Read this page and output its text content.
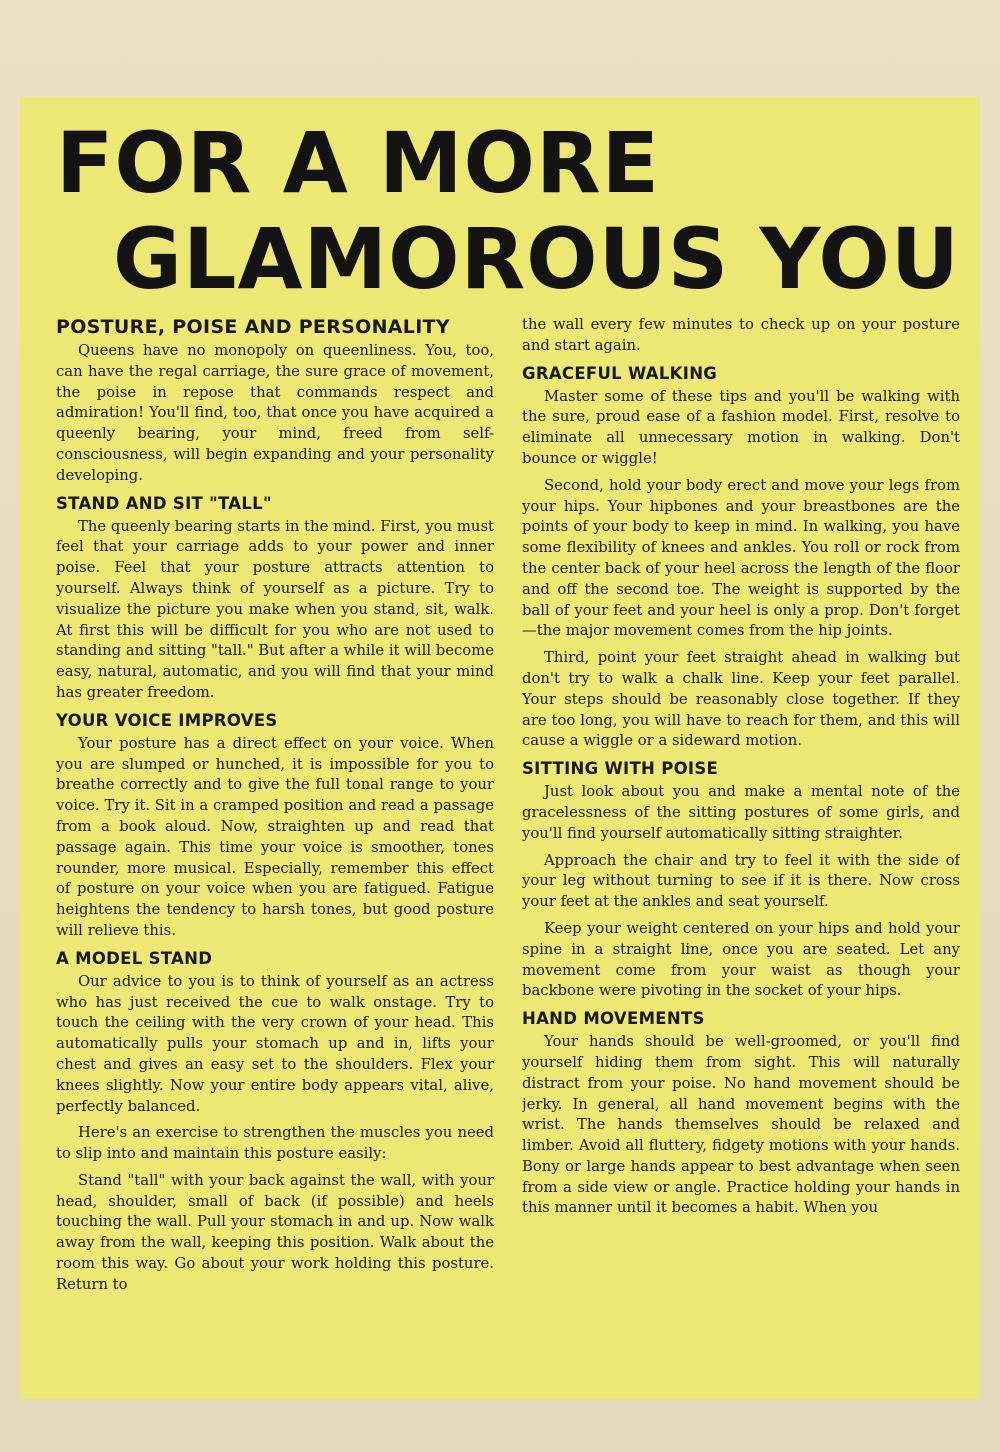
FOR A MORE
GLAMOROUS YOU
POSTURE, POISE AND PERSONALITY

Queens have no monopoly on queenliness. You, too, can have the regal carriage, the sure grace of movement, the poise in repose that commands respect and admiration! You'll find, too, that once you have acquired a queenly bearing, your mind, freed from self-consciousness, will begin expanding and your personality developing.

STAND AND SIT "TALL"

The queenly bearing starts in the mind. First, you must feel that your carriage adds to your power and inner poise. Feel that your posture attracts attention to yourself. Always think of yourself as a picture. Try to visualize the picture you make when you stand, sit, walk. At first this will be difficult for you who are not used to standing and sitting "tall." But after a while it will become easy, natural, automatic, and you will find that your mind has greater freedom.

YOUR VOICE IMPROVES

Your posture has a direct effect on your voice. When you are slumped or hunched, it is impossible for you to breathe correctly and to give the full tonal range to your voice. Try it. Sit in a cramped position and read a passage from a book aloud. Now, straighten up and read that passage again. This time your voice is smoother, tones rounder, more musical. Especially, remember this effect of posture on your voice when you are fatigued. Fatigue heightens the tendency to harsh tones, but good posture will relieve this.

A MODEL STAND

Our advice to you is to think of yourself as an actress who has just received the cue to walk onstage. Try to touch the ceiling with the very crown of your head. This automatically pulls your stomach up and in, lifts your chest and gives an easy set to the shoulders. Flex your knees slightly. Now your entire body appears vital, alive, perfectly balanced.

Here's an exercise to strengthen the muscles you need to slip into and maintain this posture easily:

Stand "tall" with your back against the wall, with your head, shoulder, small of back (if possible) and heels touching the wall. Pull your stomach in and up. Now walk away from the wall, keeping this position. Walk about the room this way. Go about your work holding this posture. Return to

the wall every few minutes to check up on your posture and start again.

GRACEFUL WALKING

Master some of these tips and you'll be walking with the sure, proud ease of a fashion model. First, resolve to eliminate all unnecessary motion in walking. Don't bounce or wiggle!

Second, hold your body erect and move your legs from your hips. Your hipbones and your breastbones are the points of your body to keep in mind. In walking, you have some flexibility of knees and ankles. You roll or rock from the center back of your heel across the length of the floor and off the second toe. The weight is supported by the ball of your feet and your heel is only a prop. Don't forget—the major movement comes from the hip joints.

Third, point your feet straight ahead in walking but don't try to walk a chalk line. Keep your feet parallel. Your steps should be reasonably close together. If they are too long, you will have to reach for them, and this will cause a wiggle or a sideward motion.

SITTING WITH POISE

Just look about you and make a mental note of the gracelessness of the sitting postures of some girls, and you'll find yourself automatically sitting straighter.

Approach the chair and try to feel it with the side of your leg without turning to see if it is there. Now cross your feet at the ankles and seat yourself.

Keep your weight centered on your hips and hold your spine in a straight line, once you are seated. Let any movement come from your waist as though your backbone were pivoting in the socket of your hips.

HAND MOVEMENTS

Your hands should be well-groomed, or you'll find yourself hiding them from sight. This will naturally distract from your poise. No hand movement should be jerky. In general, all hand movement begins with the wrist. The hands themselves should be relaxed and limber. Avoid all fluttery, fidgety motions with your hands. Bony or large hands appear to best advantage when seen from a side view or angle. Practice holding your hands in this manner until it becomes a habit. When you
